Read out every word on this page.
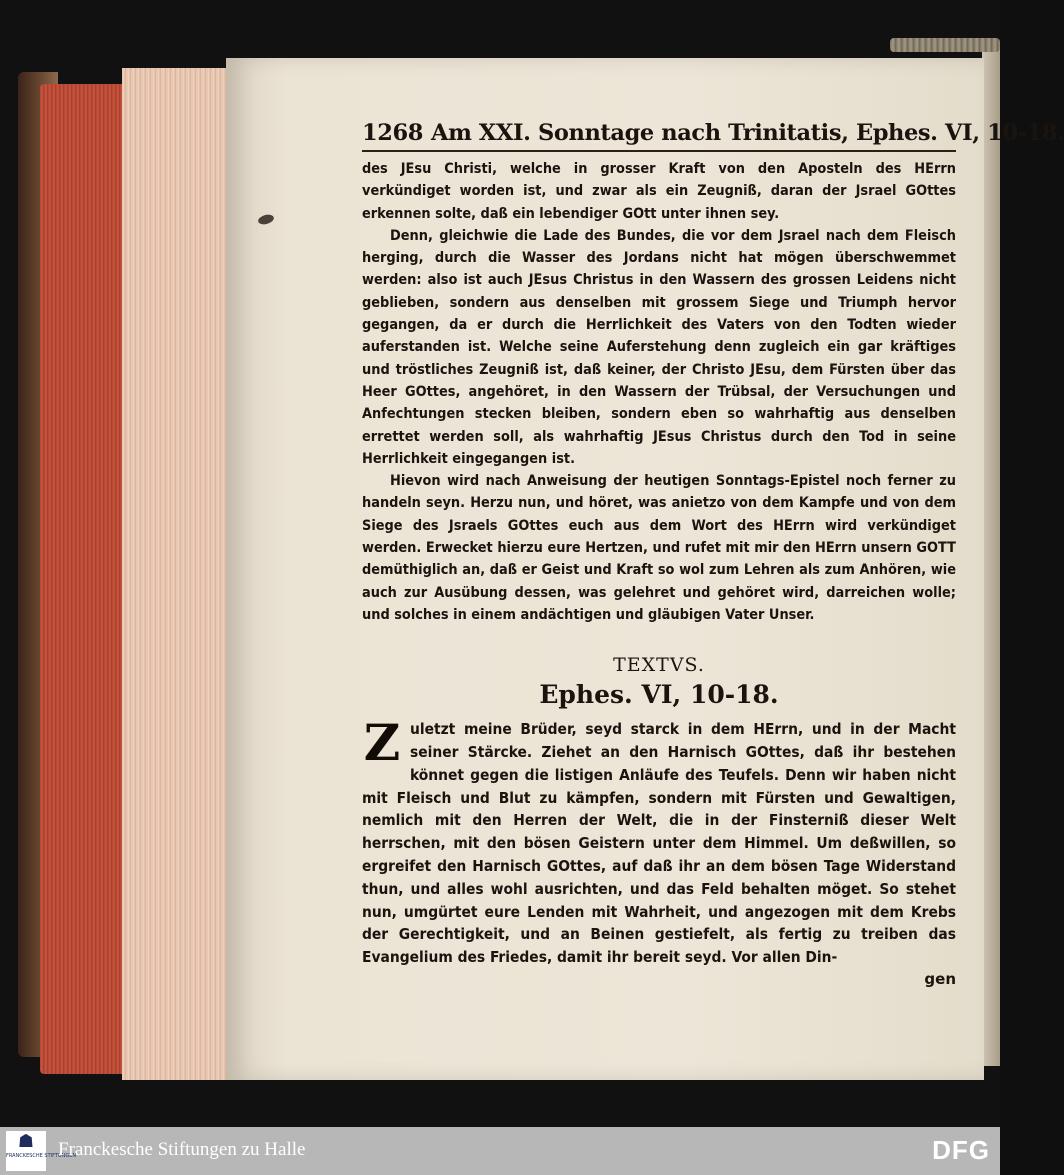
1268 Am XXI. Sonntage nach Trinitatis, Ephes. VI, 10-18.

des JEsu Christi, welche in grosser Kraft von den Aposteln des HErrn verkündiget worden ist, und zwar als ein Zeugniß, daran der Jsrael GOttes erkennen solte, daß ein lebendiger GOtt unter ihnen sey.

Denn, gleichwie die Lade des Bundes, die vor dem Jsrael nach dem Fleisch herging, durch die Wasser des Jordans nicht hat mögen überschwemmet werden: also ist auch JEsus Christus in den Wassern des grossen Leidens nicht geblieben, sondern aus denselben mit grossem Siege und Triumph hervor gegangen, da er durch die Herrlichkeit des Vaters von den Todten wieder auferstanden ist. Welche seine Auferstehung denn zugleich ein gar kräftiges und tröstliches Zeugniß ist, daß keiner, der Christo JEsu, dem Fürsten über das Heer GOttes, angehöret, in den Wassern der Trübsal, der Versuchungen und Anfechtungen stecken bleiben, sondern eben so wahrhaftig aus denselben errettet werden soll, als wahrhaftig JEsus Christus durch den Tod in seine Herrlichkeit eingegangen ist.

Hievon wird nach Anweisung der heutigen Sonntags-Epistel noch ferner zu handeln seyn. Herzu nun, und höret, was anietzo von dem Kampfe und von dem Siege des Jsraels GOttes euch aus dem Wort des HErrn wird verkündiget werden. Erwecket hierzu eure Hertzen, und rufet mit mir den HErrn unsern GOTT demüthiglich an, daß er Geist und Kraft so wol zum Lehren als zum Anhören, wie auch zur Ausübung dessen, was gelehret und gehöret wird, darreichen wolle; und solches in einem andächtigen und gläubigen Vater Unser.

TEXTVS.
Ephes. VI, 10-18.
Zuletzt meine Brüder, seyd starck in dem HErrn, und in der Macht seiner Stärcke. Ziehet an den Harnisch GOttes, daß ihr bestehen könnet gegen die listigen Anläufe des Teufels. Denn wir haben nicht mit Fleisch und Blut zu kämpfen, sondern mit Fürsten und Gewaltigen, nemlich mit den Herren der Welt, die in der Finsterniß dieser Welt herrschen, mit den bösen Geistern unter dem Himmel. Um deßwillen, so ergreifet den Harnisch GOttes, auf daß ihr an dem bösen Tage Widerstand thun, und alles wohl ausrichten, und das Feld behalten möget. So stehet nun, umgürtet eure Lenden mit Wahrheit, und angezogen mit dem Krebs der Gerechtigkeit, und an Beinen gestiefelt, als fertig zu treiben das Evangelium des Friedes, damit ihr bereit seyd. Vor allen Din-
gen
☗
FRANCKESCHE STIFTUNGEN
Franckesche Stiftungen zu Halle	DFG
